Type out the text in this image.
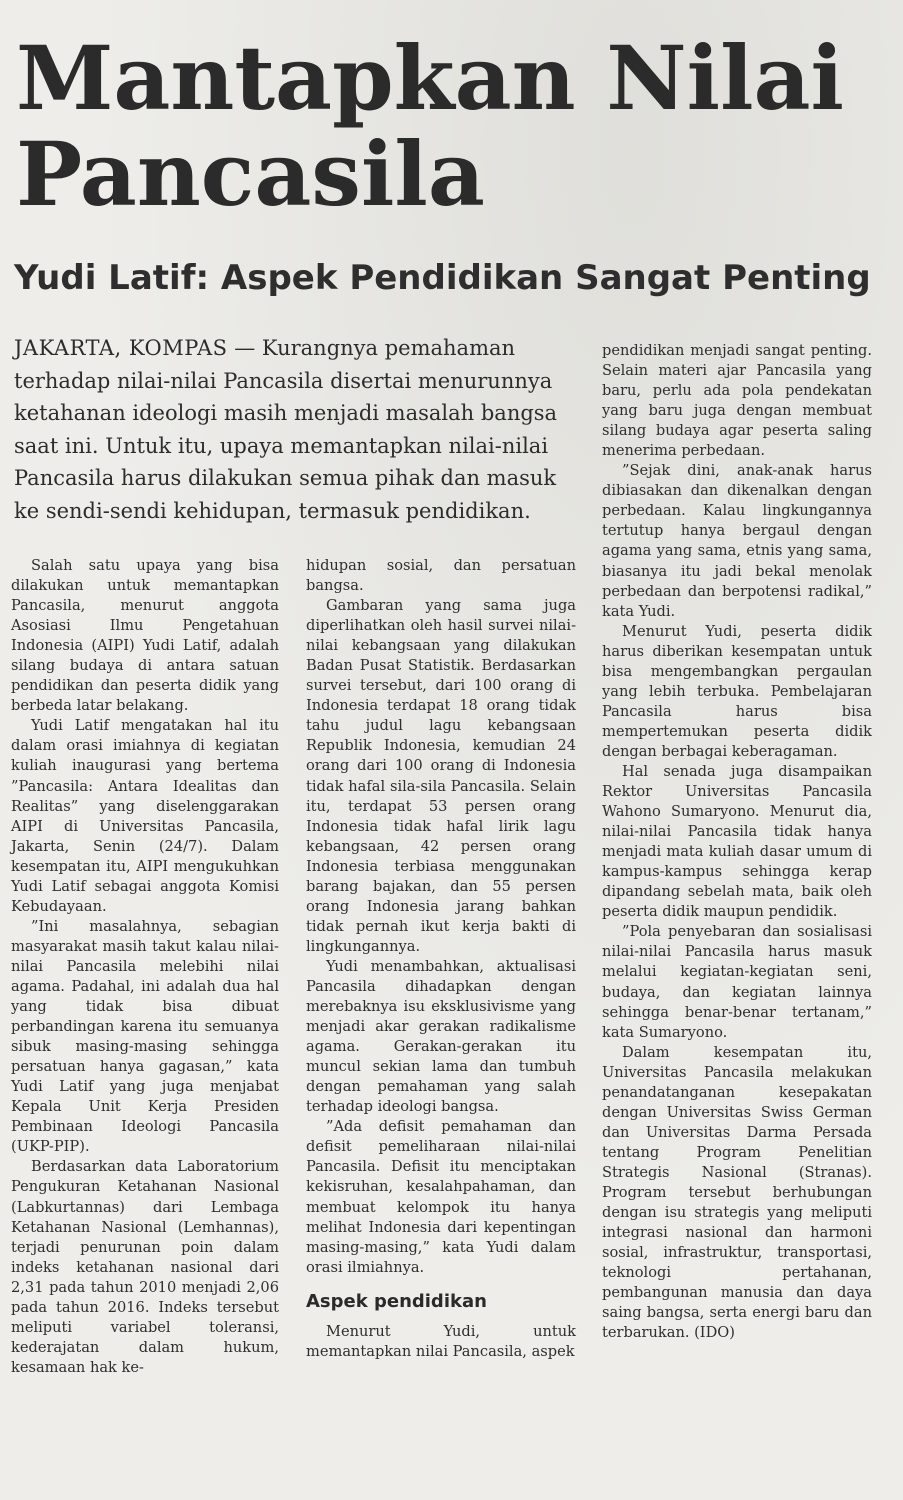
Mantapkan Nilai Pancasila
Yudi Latif: Aspek Pendidikan Sangat Penting

JAKARTA, KOMPAS — Kurangnya pemahaman terhadap nilai-nilai Pancasila disertai menurunnya ketahanan ideologi masih menjadi masalah bangsa saat ini. Untuk itu, upaya memantapkan nilai-nilai Pancasila harus dilakukan semua pihak dan masuk ke sendi-sendi kehidupan, termasuk pendidikan.

Salah satu upaya yang bisa dilakukan untuk memantapkan Pancasila, menurut anggota Asosiasi Ilmu Pengetahuan Indonesia (AIPI) Yudi Latif, adalah silang budaya di antara satuan pendidikan dan peserta didik yang berbeda latar belakang.

Yudi Latif mengatakan hal itu dalam orasi imiahnya di kegiatan kuliah inaugurasi yang bertema ”Pancasila: Antara Idealitas dan Realitas” yang diselenggarakan AIPI di Universitas Pancasila, Jakarta, Senin (24/7). Dalam kesempatan itu, AIPI mengukuhkan Yudi Latif sebagai anggota Komisi Kebudayaan.

”Ini masalahnya, sebagian masyarakat masih takut kalau nilai-nilai Pancasila melebihi nilai agama. Padahal, ini adalah dua hal yang tidak bisa dibuat perbandingan karena itu semuanya sibuk masing-masing sehingga persatuan hanya gagasan,” kata Yudi Latif yang juga menjabat Kepala Unit Kerja Presiden Pembinaan Ideologi Pancasila (UKP-PIP).

Berdasarkan data Laboratorium Pengukuran Ketahanan Nasional (Labkurtannas) dari Lembaga Ketahanan Nasional (Lemhannas), terjadi penurunan poin dalam indeks ketahanan nasional dari 2,31 pada tahun 2010 menjadi 2,06 pada tahun 2016. Indeks tersebut meliputi variabel toleransi, kederajatan dalam hukum, kesamaan hak ke-

hidupan sosial, dan persatuan bangsa.

Gambaran yang sama juga diperlihatkan oleh hasil survei nilai-nilai kebangsaan yang dilakukan Badan Pusat Statistik. Berdasarkan survei tersebut, dari 100 orang di Indonesia terdapat 18 orang tidak tahu judul lagu kebangsaan Republik Indonesia, kemudian 24 orang dari 100 orang di Indonesia tidak hafal sila-sila Pancasila. Selain itu, terdapat 53 persen orang Indonesia tidak hafal lirik lagu kebangsaan, 42 persen orang Indonesia terbiasa menggunakan barang bajakan, dan 55 persen orang Indonesia jarang bahkan tidak pernah ikut kerja bakti di lingkungannya.

Yudi menambahkan, aktualisasi Pancasila dihadapkan dengan merebaknya isu eksklusivisme yang menjadi akar gerakan radikalisme agama. Gerakan-gerakan itu muncul sekian lama dan tumbuh dengan pemahaman yang salah terhadap ideologi bangsa.

”Ada defisit pemahaman dan defisit pemeliharaan nilai-nilai Pancasila. Defisit itu menciptakan kekisruhan, kesalahpahaman, dan membuat kelompok itu hanya melihat Indonesia dari kepentingan masing-masing,” kata Yudi dalam orasi ilmiahnya.

Aspek pendidikan

Menurut Yudi, untuk memantapkan nilai Pancasila, aspek

pendidikan menjadi sangat penting. Selain materi ajar Pancasila yang baru, perlu ada pola pendekatan yang baru juga dengan membuat silang budaya agar peserta saling menerima perbedaan.

”Sejak dini, anak-anak harus dibiasakan dan dikenalkan dengan perbedaan. Kalau lingkungannya tertutup hanya bergaul dengan agama yang sama, etnis yang sama, biasanya itu jadi bekal menolak perbedaan dan berpotensi radikal,” kata Yudi.

Menurut Yudi, peserta didik harus diberikan kesempatan untuk bisa mengembangkan pergaulan yang lebih terbuka. Pembelajaran Pancasila harus bisa mempertemukan peserta didik dengan berbagai keberagaman.

Hal senada juga disampaikan Rektor Universitas Pancasila Wahono Sumaryono. Menurut dia, nilai-nilai Pancasila tidak hanya menjadi mata kuliah dasar umum di kampus-kampus sehingga kerap dipandang sebelah mata, baik oleh peserta didik maupun pendidik.

”Pola penyebaran dan sosialisasi nilai-nilai Pancasila harus masuk melalui kegiatan-kegiatan seni, budaya, dan kegiatan lainnya sehingga benar-benar tertanam,” kata Sumaryono.

Dalam kesempatan itu, Universitas Pancasila melakukan penandatanganan kesepakatan dengan Universitas Swiss German dan Universitas Darma Persada tentang Program Penelitian Strategis Nasional (Stranas). Program tersebut berhubungan dengan isu strategis yang meliputi integrasi nasional dan harmoni sosial, infrastruktur, transportasi, teknologi pertahanan, pembangunan manusia dan daya saing bangsa, serta energi baru dan terbarukan. (IDO)
